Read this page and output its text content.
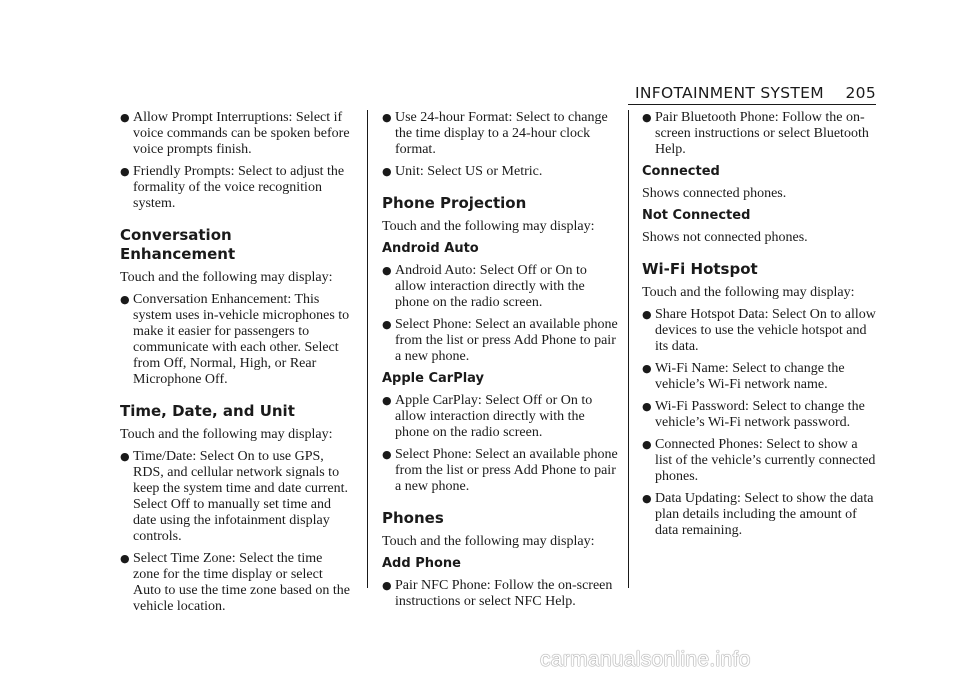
INFOTAINMENT SYSTEM 205

● Allow Prompt Interruptions: Select if voice commands can be spoken before voice prompts finish.

● Friendly Prompts: Select to adjust the formality of the voice recognition system.

Conversation Enhancement

Touch and the following may display:

● Conversation Enhancement: This system uses in-vehicle microphones to make it easier for passengers to communicate with each other. Select from Off, Normal, High, or Rear Microphone Off.

Time, Date, and Unit

Touch and the following may display:

● Time/Date: Select On to use GPS, RDS, and cellular network signals to keep the system time and date current. Select Off to manually set time and date using the infotainment display controls.

● Select Time Zone: Select the time zone for the time display or select Auto to use the time zone based on the vehicle location.

● Use 24-hour Format: Select to change the time display to a 24-hour clock format.

● Unit: Select US or Metric.

Phone Projection

Touch and the following may display:

Android Auto

● Android Auto: Select Off or On to allow interaction directly with the phone on the radio screen.

● Select Phone: Select an available phone from the list or press Add Phone to pair a new phone.

Apple CarPlay

● Apple CarPlay: Select Off or On to allow interaction directly with the phone on the radio screen.

● Select Phone: Select an available phone from the list or press Add Phone to pair a new phone.

Phones

Touch and the following may display:

Add Phone

● Pair NFC Phone: Follow the on-screen instructions or select NFC Help.

● Pair Bluetooth Phone: Follow the on-screen instructions or select Bluetooth Help.

Connected

Shows connected phones.

Not Connected

Shows not connected phones.

Wi-Fi Hotspot

Touch and the following may display:

● Share Hotspot Data: Select On to allow devices to use the vehicle hotspot and its data.

● Wi-Fi Name: Select to change the vehicle’s Wi-Fi network name.

● Wi-Fi Password: Select to change the vehicle’s Wi-Fi network password.

● Connected Phones: Select to show a list of the vehicle’s currently connected phones.

● Data Updating: Select to show the data plan details including the amount of data remaining.

carmanualsonline.info
